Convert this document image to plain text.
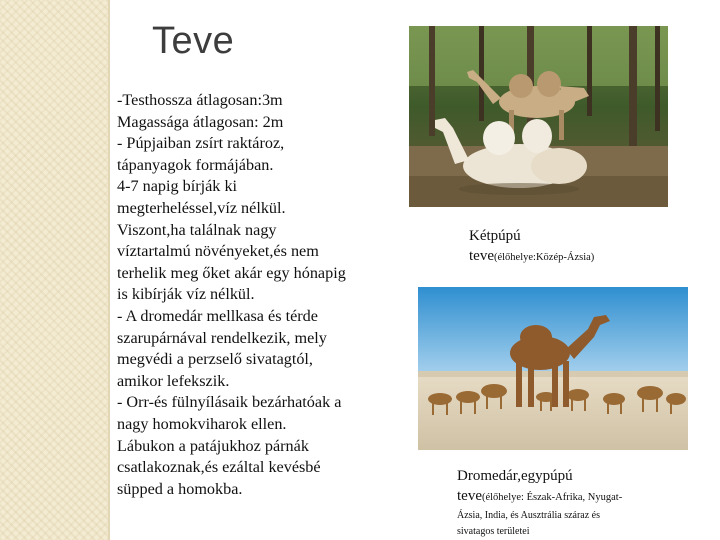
Teve
-Testhossza átlagosan:3m
Magassága átlagosan: 2m
- Púpjaiban zsírt raktároz,
tápanyagok formájában.
4-7 napig bírják ki
megterheléssel,víz nélkül.
Viszont,ha találnak nagy
víztartalmú növényeket,és nem
terhelik meg őket akár egy hónapig
is kibírják víz nélkül.
- A dromedár mellkasa és térde
szarupárnával rendelkezik, mely
megvédi a perzselő sivatagtól,
amikor lefekszik.
- Orr-és fülnyílásaik bezárhatóak a
nagy homokviharok ellen.
Lábukon a patájukhoz párnák
csatlakoznak,és ezáltal kevésbé
süpped a homokba.
Kétpúpú
teve(élőhelye:Közép-Ázsia)
Dromedár,egypúpú
teve(élőhelye: Észak-Afrika, Nyugat-
Ázsia, India, és Ausztrália száraz és
sivatagos területei
